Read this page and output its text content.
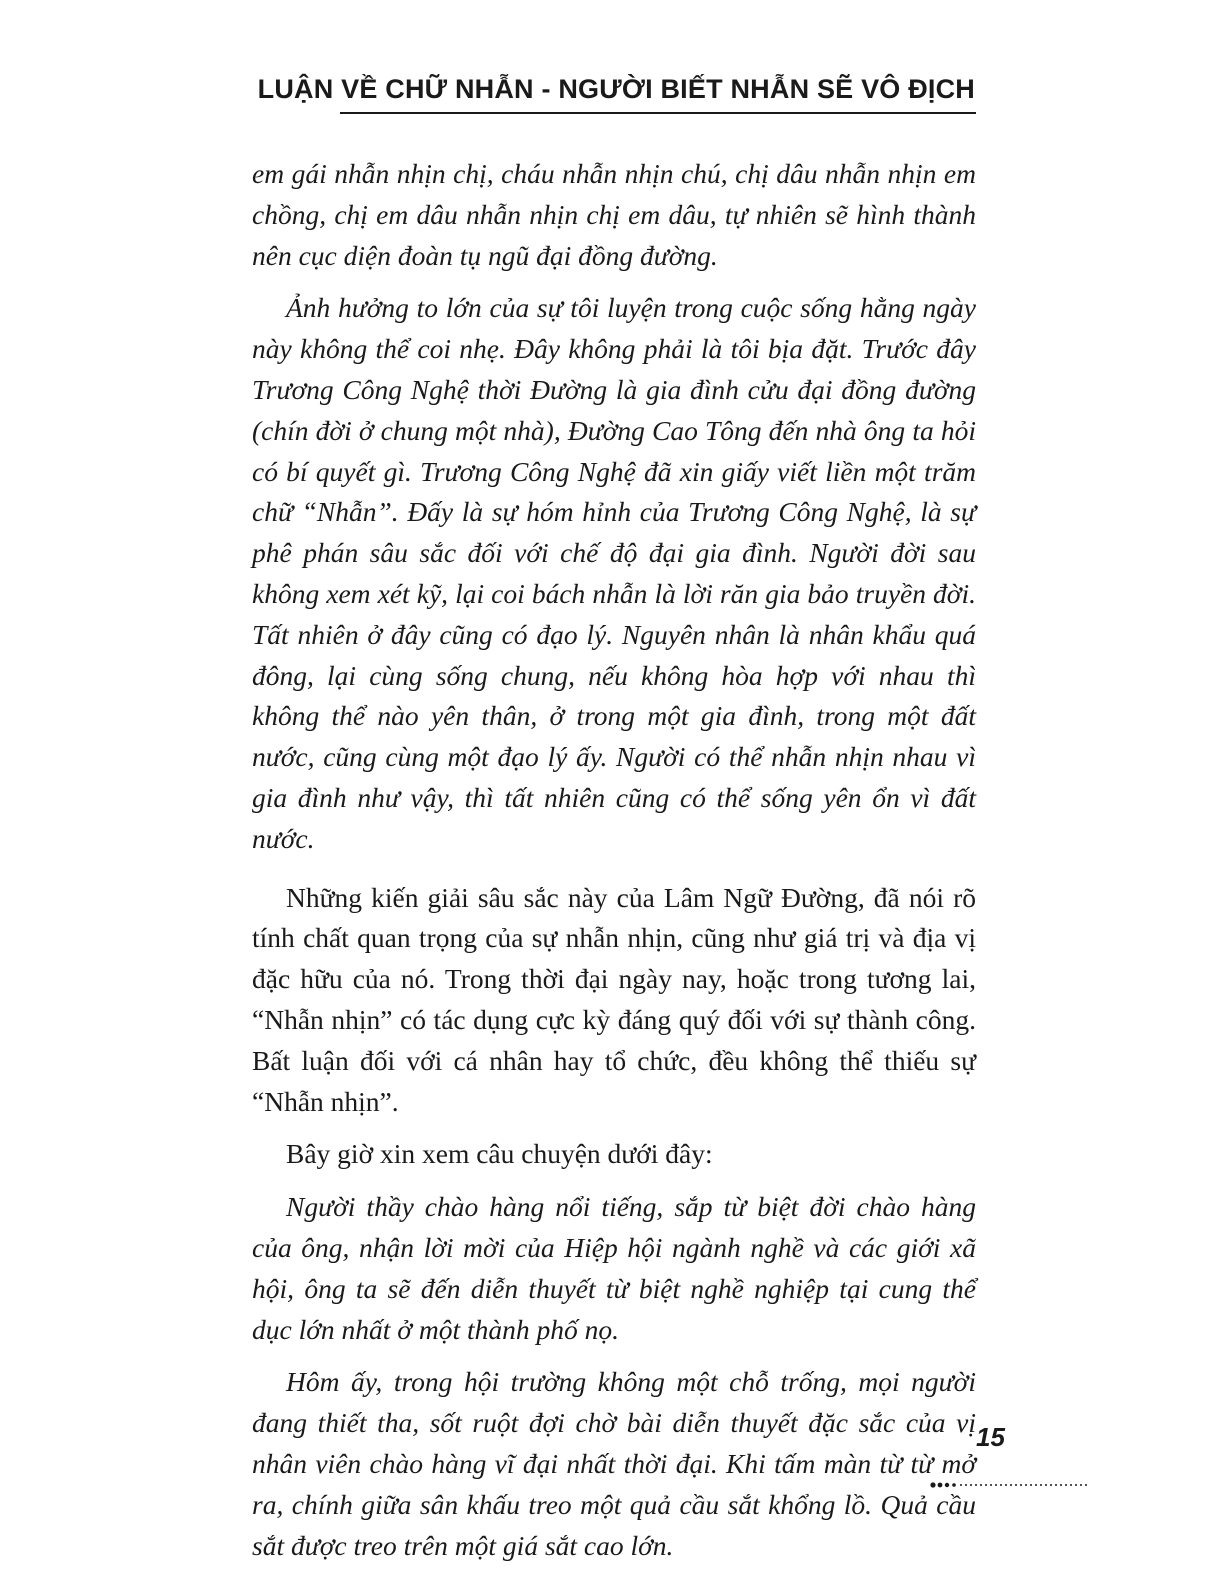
LUẬN VỀ CHỮ NHẪN - NGƯỜI BIẾT NHẪN SẼ VÔ ĐỊCH

em gái nhẫn nhịn chị, cháu nhẫn nhịn chú, chị dâu nhẫn nhịn em chồng, chị em dâu nhẫn nhịn chị em dâu, tự nhiên sẽ hình thành nên cục diện đoàn tụ ngũ đại đồng đường.

Ảnh hưởng to lớn của sự tôi luyện trong cuộc sống hằng ngày này không thể coi nhẹ. Đây không phải là tôi bịa đặt. Trước đây Trương Công Nghệ thời Đường là gia đình cửu đại đồng đường (chín đời ở chung một nhà), Đường Cao Tông đến nhà ông ta hỏi có bí quyết gì. Trương Công Nghệ đã xin giấy viết liền một trăm chữ “Nhẫn”. Đấy là sự hóm hỉnh của Trương Công Nghệ, là sự phê phán sâu sắc đối với chế độ đại gia đình. Người đời sau không xem xét kỹ, lại coi bách nhẫn là lời răn gia bảo truyền đời. Tất nhiên ở đây cũng có đạo lý. Nguyên nhân là nhân khẩu quá đông, lại cùng sống chung, nếu không hòa hợp với nhau thì không thể nào yên thân, ở trong một gia đình, trong một đất nước, cũng cùng một đạo lý ấy. Người có thể nhẫn nhịn nhau vì gia đình như vậy, thì tất nhiên cũng có thể sống yên ổn vì đất nước.

Những kiến giải sâu sắc này của Lâm Ngữ Đường, đã nói rõ tính chất quan trọng của sự nhẫn nhịn, cũng như giá trị và địa vị đặc hữu của nó. Trong thời đại ngày nay, hoặc trong tương lai, “Nhẫn nhịn” có tác dụng cực kỳ đáng quý đối với sự thành công. Bất luận đối với cá nhân hay tổ chức, đều không thể thiếu sự “Nhẫn nhịn”.

Bây giờ xin xem câu chuyện dưới đây:

Người thầy chào hàng nổi tiếng, sắp từ biệt đời chào hàng của ông, nhận lời mời của Hiệp hội ngành nghề và các giới xã hội, ông ta sẽ đến diễn thuyết từ biệt nghề nghiệp tại cung thể dục lớn nhất ở một thành phố nọ.

Hôm ấy, trong hội trường không một chỗ trống, mọi người đang thiết tha, sốt ruột đợi chờ bài diễn thuyết đặc sắc của vị nhân viên chào hàng vĩ đại nhất thời đại. Khi tấm màn từ từ mở ra, chính giữa sân khấu treo một quả cầu sắt khổng lồ. Quả cầu sắt được treo trên một giá sắt cao lớn.

15
